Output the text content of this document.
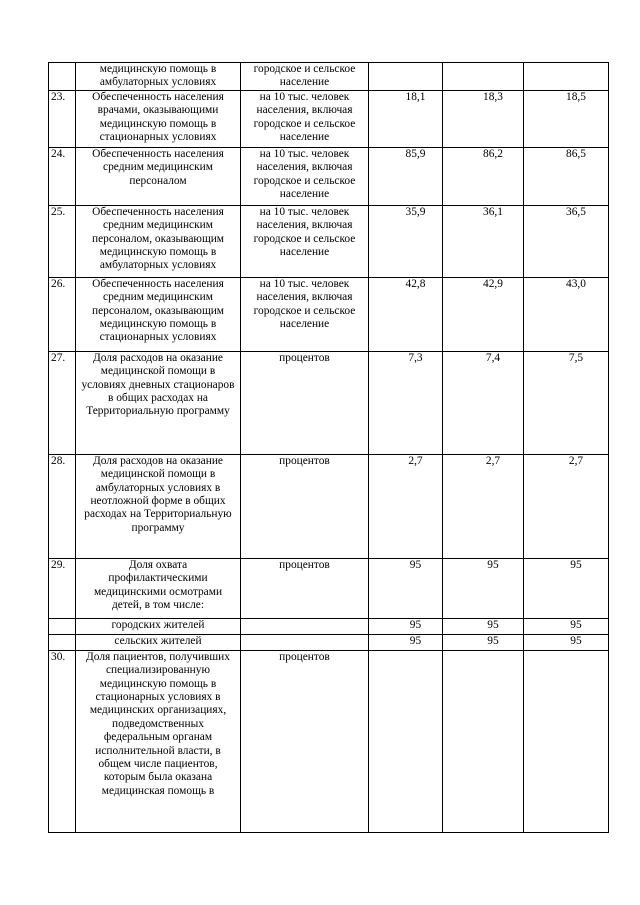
	медицинскую помощь в амбулаторных условиях	городское и сельское население			
23.	Обеспеченность населения врачами, оказывающими медицинскую помощь в стационарных условиях	на 10 тыс. человек населения, включая городское и сельское население	18,1	18,3	18,5
24.	Обеспеченность населения средним медицинским персоналом	на 10 тыс. человек населения, включая городское и сельское население	85,9	86,2	86,5
25.	Обеспеченность населения средним медицинским персоналом, оказывающим медицинскую помощь в амбулаторных условиях	на 10 тыс. человек населения, включая городское и сельское население	35,9	36,1	36,5
26.	Обеспеченность населения средним медицинским персоналом, оказывающим медицинскую помощь в стационарных условиях	на 10 тыс. человек населения, включая городское и сельское население	42,8	42,9	43,0
27.	Доля расходов на оказание медицинской помощи в условиях дневных стационаров в общих расходах на Территориальную программу	процентов	7,3	7,4	7,5
28.	Доля расходов на оказание медицинской помощи в амбулаторных условиях в неотложной форме в общих расходах на Территориальную программу	процентов	2,7	2,7	2,7
29.	Доля охвата профилактическими медицинскими осмотрами детей, в том числе:	процентов	95	95	95
	городских жителей		95	95	95
	сельских жителей		95	95	95
30.	Доля пациентов, получивших специализированную медицинскую помощь в стационарных условиях в медицинских организациях, подведомственных федеральным органам исполнительной власти, в общем числе пациентов, которым была оказана медицинская помощь в	процентов			
